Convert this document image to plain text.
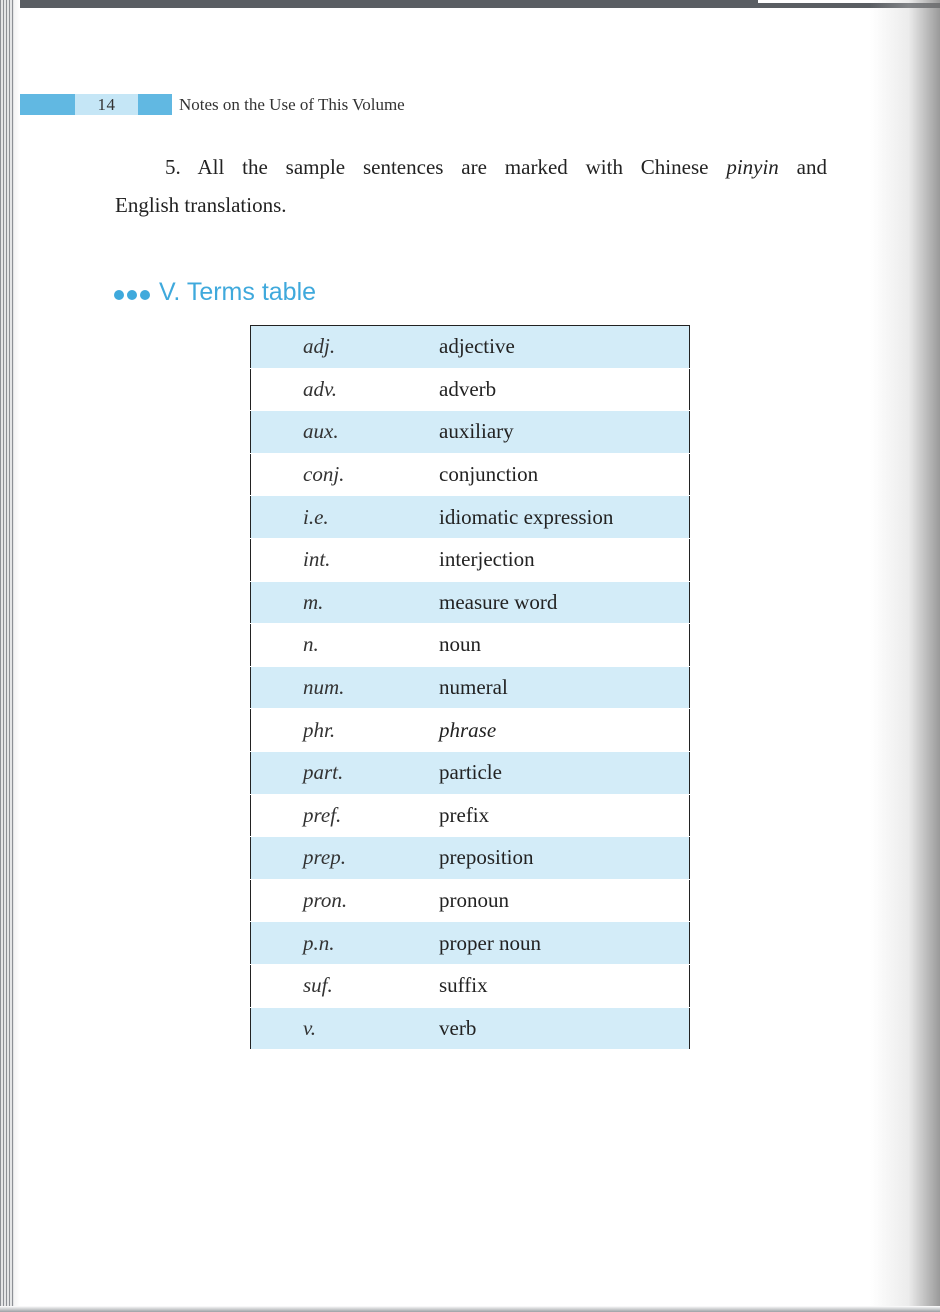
14	Notes on the Use of This Volume
5. All the sample sentences are marked with Chinese pinyin and
English translations.
V. Terms table
adj.	adjective
adv.	adverb
aux.	auxiliary
conj.	conjunction
i.e.	idiomatic expression
int.	interjection
m.	measure word
n.	noun
num.	numeral
phr.	phrase
part.	particle
pref.	prefix
prep.	preposition
pron.	pronoun
p.n.	proper noun
suf.	suffix
v.	verb
